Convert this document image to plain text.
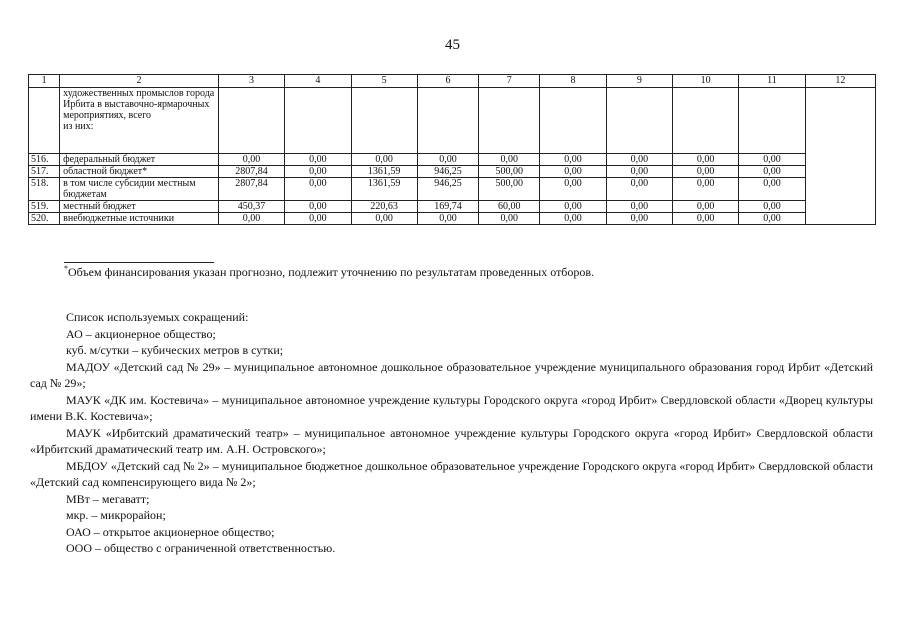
45
1	2	3	4	5	6	7	8	9	10	11	12
	художественных промыслов города Ирбита в выставочно-ярмарочных мероприятиях, всего
из них:										
516.	федеральный бюджет	0,00	0,00	0,00	0,00	0,00	0,00	0,00	0,00	0,00	
517.	областной бюджет*	2807,84	0,00	1361,59	946,25	500,00	0,00	0,00	0,00	0,00	
518.	в том числе субсидии местным бюджетам	2807,84	0,00	1361,59	946,25	500,00	0,00	0,00	0,00	0,00	
519.	местный бюджет	450,37	0,00	220,63	169,74	60,00	0,00	0,00	0,00	0,00	
520.	внебюджетные источники	0,00	0,00	0,00	0,00	0,00	0,00	0,00	0,00	0,00	
*Объем финансирования указан прогнозно, подлежит уточнению по результатам проведенных отборов.

Список используемых сокращений:

АО – акционерное общество;

куб. м/сутки – кубических метров в сутки;

МАДОУ «Детский сад № 29» – муниципальное автономное дошкольное образовательное учреждение муниципального образования город Ирбит «Детский сад № 29»;

МАУК «ДК им. Костевича» – муниципальное автономное учреждение культуры Городского округа «город Ирбит» Свердловской области «Дворец культуры имени В.К. Костевича»;

МАУК «Ирбитский драматический театр» – муниципальное автономное учреждение культуры Городского округа «город Ирбит» Свердловской области «Ирбитский драматический театр им. А.Н. Островского»;

МБДОУ «Детский сад № 2» – муниципальное бюджетное дошкольное образовательное учреждение Городского округа «город Ирбит» Свердловской области «Детский сад компенсирующего вида № 2»;

МВт – мегаватт;

мкр. – микрорайон;

ОАО – открытое акционерное общество;

ООО – общество с ограниченной ответственностью.
